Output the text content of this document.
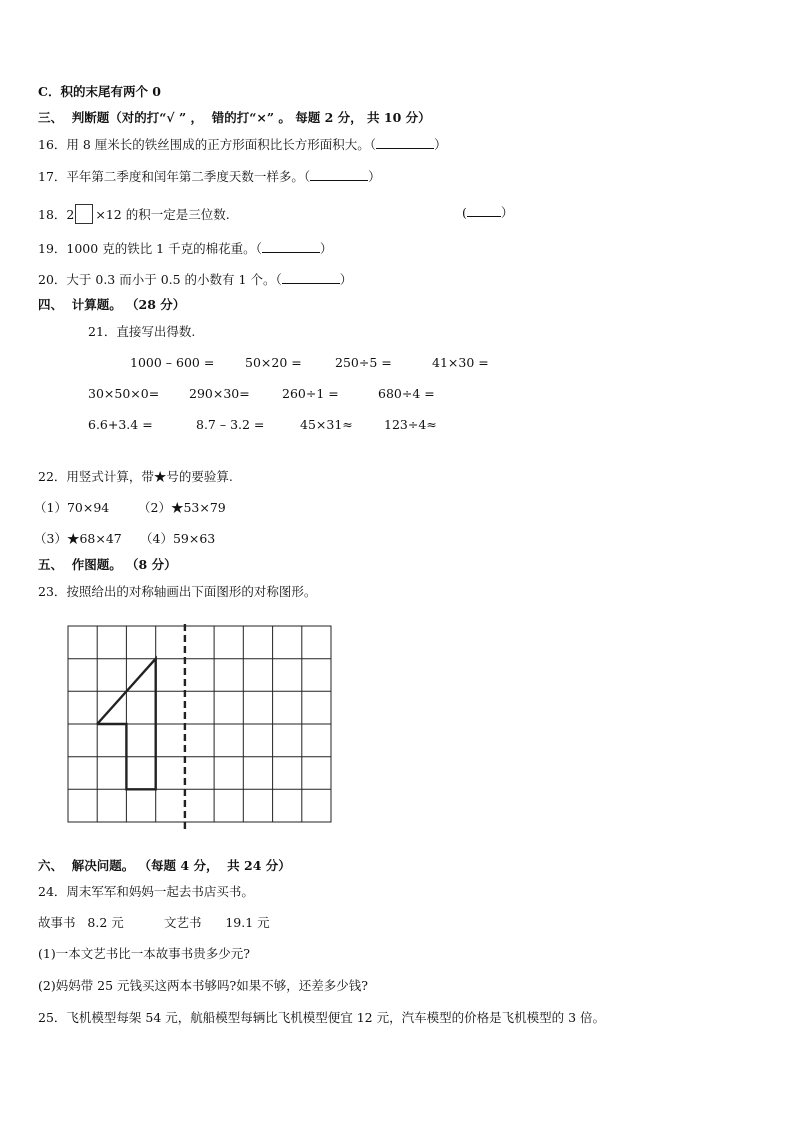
C．积的末尾有两个 0
三、  判断题（对的打“√ ” ，  错的打“×” 。 每题 2 分， 共 10 分）
16．用 8 厘米长的铁丝围成的正方形面积比长方形面积大。（	）
17．平年第二季度和闰年第二季度天数一样多。（	）
18．2 ×12 的积一定是三位数.	(	）
19．1000 克的铁比 1 千克的棉花重。（	）
20．大于 0.3 而小于 0.5 的小数有 1 个。（	）
四、  计算题。 （28 分）
21．直接写出得数.
1000 – 600 = 50×20 =	250÷5 =	41×30 =
30×50×0= 290×30=	260÷1 =	680÷4 =
6.6+3.4 =	8.7 – 3.2 =	45×31≈ 123÷4≈
22．用竖式计算，带★号的要验算.
（1）70×94 （2）★53×79
（3）★68×47 （4）59×63
五、  作图题。 （8 分）
23．按照给出的对称轴画出下面图形的对称图形。
六、  解决问题。 （每题 4 分，  共 24 分）
24．周末军军和妈妈一起去书店买书。
故事书   8.2 元	文艺书      19.1 元
(1)一本文艺书比一本故事书贵多少元?
(2)妈妈带 25 元钱买这两本书够吗?如果不够，还差多少钱?
25．飞机模型每架 54 元，航船模型每辆比飞机模型便宜 12 元，汽车模型的价格是飞机模型的 3 倍。
